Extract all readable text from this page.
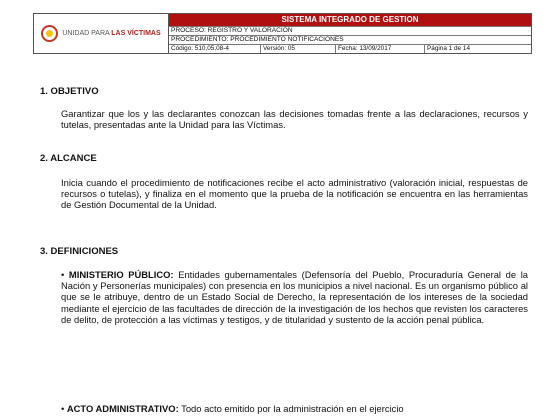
UNIDAD PARA LAS VÍCTIMAS
SISTEMA INTEGRADO DE GESTION
PROCESO: REGISTRO Y VALORACIÓN
PROCEDIMIENTO: PROCEDIMIENTO NOTIFICACIONES
Código: 510,05,08-4	Versión: 05	Fecha: 13/09/2017	Página 1 de 14
1. OBJETIVO
Garantizar que los y las declarantes conozcan las decisiones tomadas frente a las declaraciones, recursos y tutelas, presentadas ante la Unidad para las Víctimas.
2. ALCANCE
Inicia cuando el procedimiento de notificaciones recibe el acto administrativo (valoración inicial, respuestas de recursos o tutelas), y finaliza en el momento que la prueba de la notificación se encuentra en las herramientas de Gestión Documental de la Unidad.
3. DEFINICIONES
• MINISTERIO PÚBLICO: Entidades gubernamentales (Defensoría del Pueblo, Procuraduría General de la Nación y Personerías municipales) con presencia en los municipios a nivel nacional. Es un organismo público al que se le atribuye, dentro de un Estado Social de Derecho, la representación de los intereses de la sociedad mediante el ejercicio de las facultades de dirección de la investigación de los hechos que revisten los caracteres de delito, de protección a las víctimas y testigos, y de titularidad y sustento de la acción penal pública.
• ACTO ADMINISTRATIVO: Todo acto emitido por la administración en el ejercicio
